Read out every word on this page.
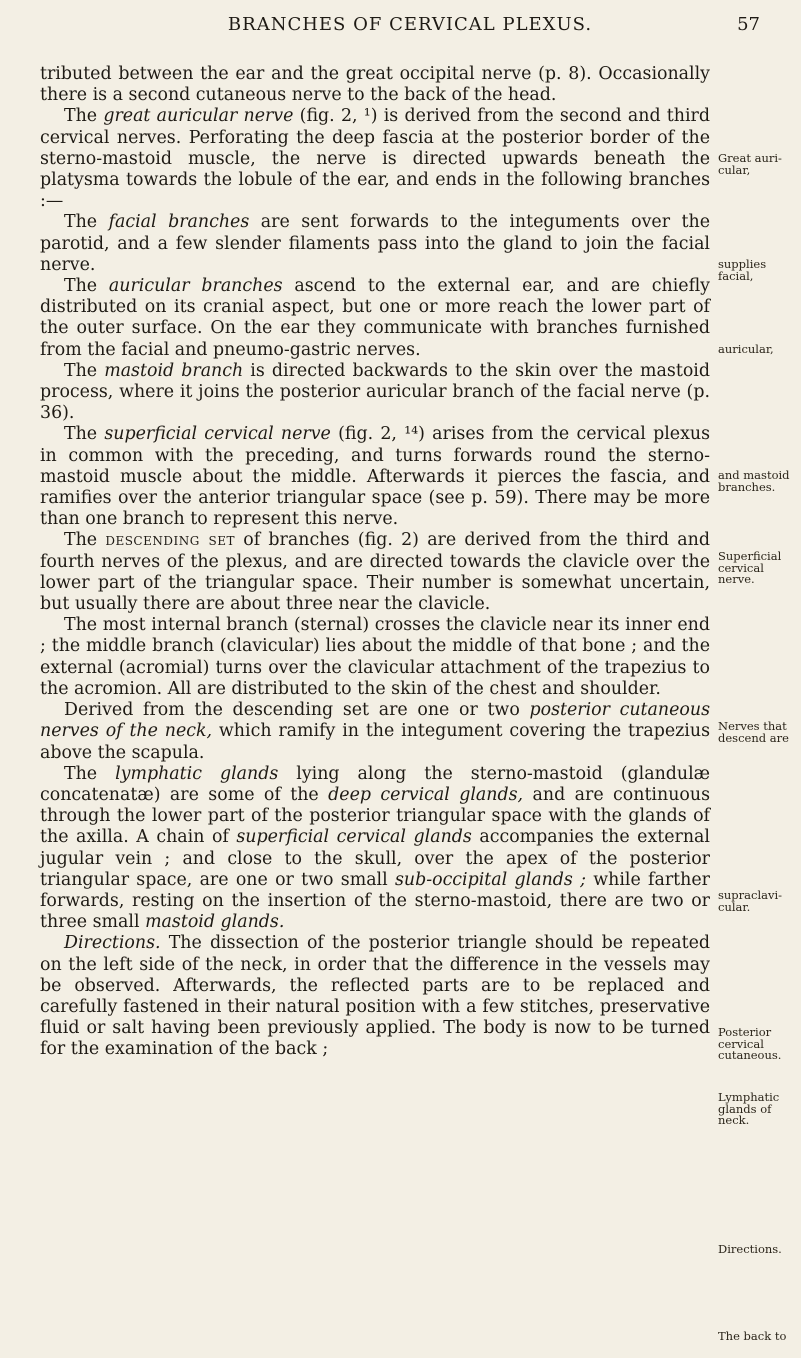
BRANCHES OF CERVICAL PLEXUS.	57

tributed between the ear and the great occipital nerve (p. 8). Occasionally there is a second cutaneous nerve to the back of the head.

The great auricular nerve (fig. 2, ¹) is derived from the second and third cervical nerves. Perforating the deep fascia at the posterior border of the sterno-mastoid muscle, the nerve is directed upwards beneath the platysma towards the lobule of the ear, and ends in the following branches :—

The facial branches are sent forwards to the integuments over the parotid, and a few slender filaments pass into the gland to join the facial nerve.

The auricular branches ascend to the external ear, and are chiefly distributed on its cranial aspect, but one or more reach the lower part of the outer surface. On the ear they communicate with branches furnished from the facial and pneumo-gastric nerves.

The mastoid branch is directed backwards to the skin over the mastoid process, where it joins the posterior auricular branch of the facial nerve (p. 36).

The superficial cervical nerve (fig. 2, ¹⁴) arises from the cervical plexus in common with the preceding, and turns forwards round the sterno-mastoid muscle about the middle. Afterwards it pierces the fascia, and ramifies over the anterior triangular space (see p. 59). There may be more than one branch to represent this nerve.

The descending set of branches (fig. 2) are derived from the third and fourth nerves of the plexus, and are directed towards the clavicle over the lower part of the triangular space. Their number is somewhat uncertain, but usually there are about three near the clavicle.

The most internal branch (sternal) crosses the clavicle near its inner end ; the middle branch (clavicular) lies about the middle of that bone ; and the external (acromial) turns over the clavicular attachment of the trapezius to the acromion. All are distributed to the skin of the chest and shoulder.

Derived from the descending set are one or two posterior cutaneous nerves of the neck, which ramify in the integument covering the trapezius above the scapula.

The lymphatic glands lying along the sterno-mastoid (glandulæ concatenatæ) are some of the deep cervical glands, and are continuous through the lower part of the posterior triangular space with the glands of the axilla. A chain of superficial cervical glands accompanies the external jugular vein ; and close to the skull, over the apex of the posterior triangular space, are one or two small sub-occipital glands ; while farther forwards, resting on the insertion of the sterno-mastoid, there are two or three small mastoid glands.

Directions. The dissection of the posterior triangle should be repeated on the left side of the neck, in order that the difference in the vessels may be observed. Afterwards, the reflected parts are to be replaced and carefully fastened in their natural position with a few stitches, preservative fluid or salt having been previously applied. The body is now to be turned for the examination of the back ;

Great auri-cular,
supplies facial,
auricular,
and mastoid branches.
Superficial cervical nerve.
Nerves that descend are
supraclavi-cular.
Posterior cervical cutaneous.
Lymphatic glands of neck.
Directions.
The back to
